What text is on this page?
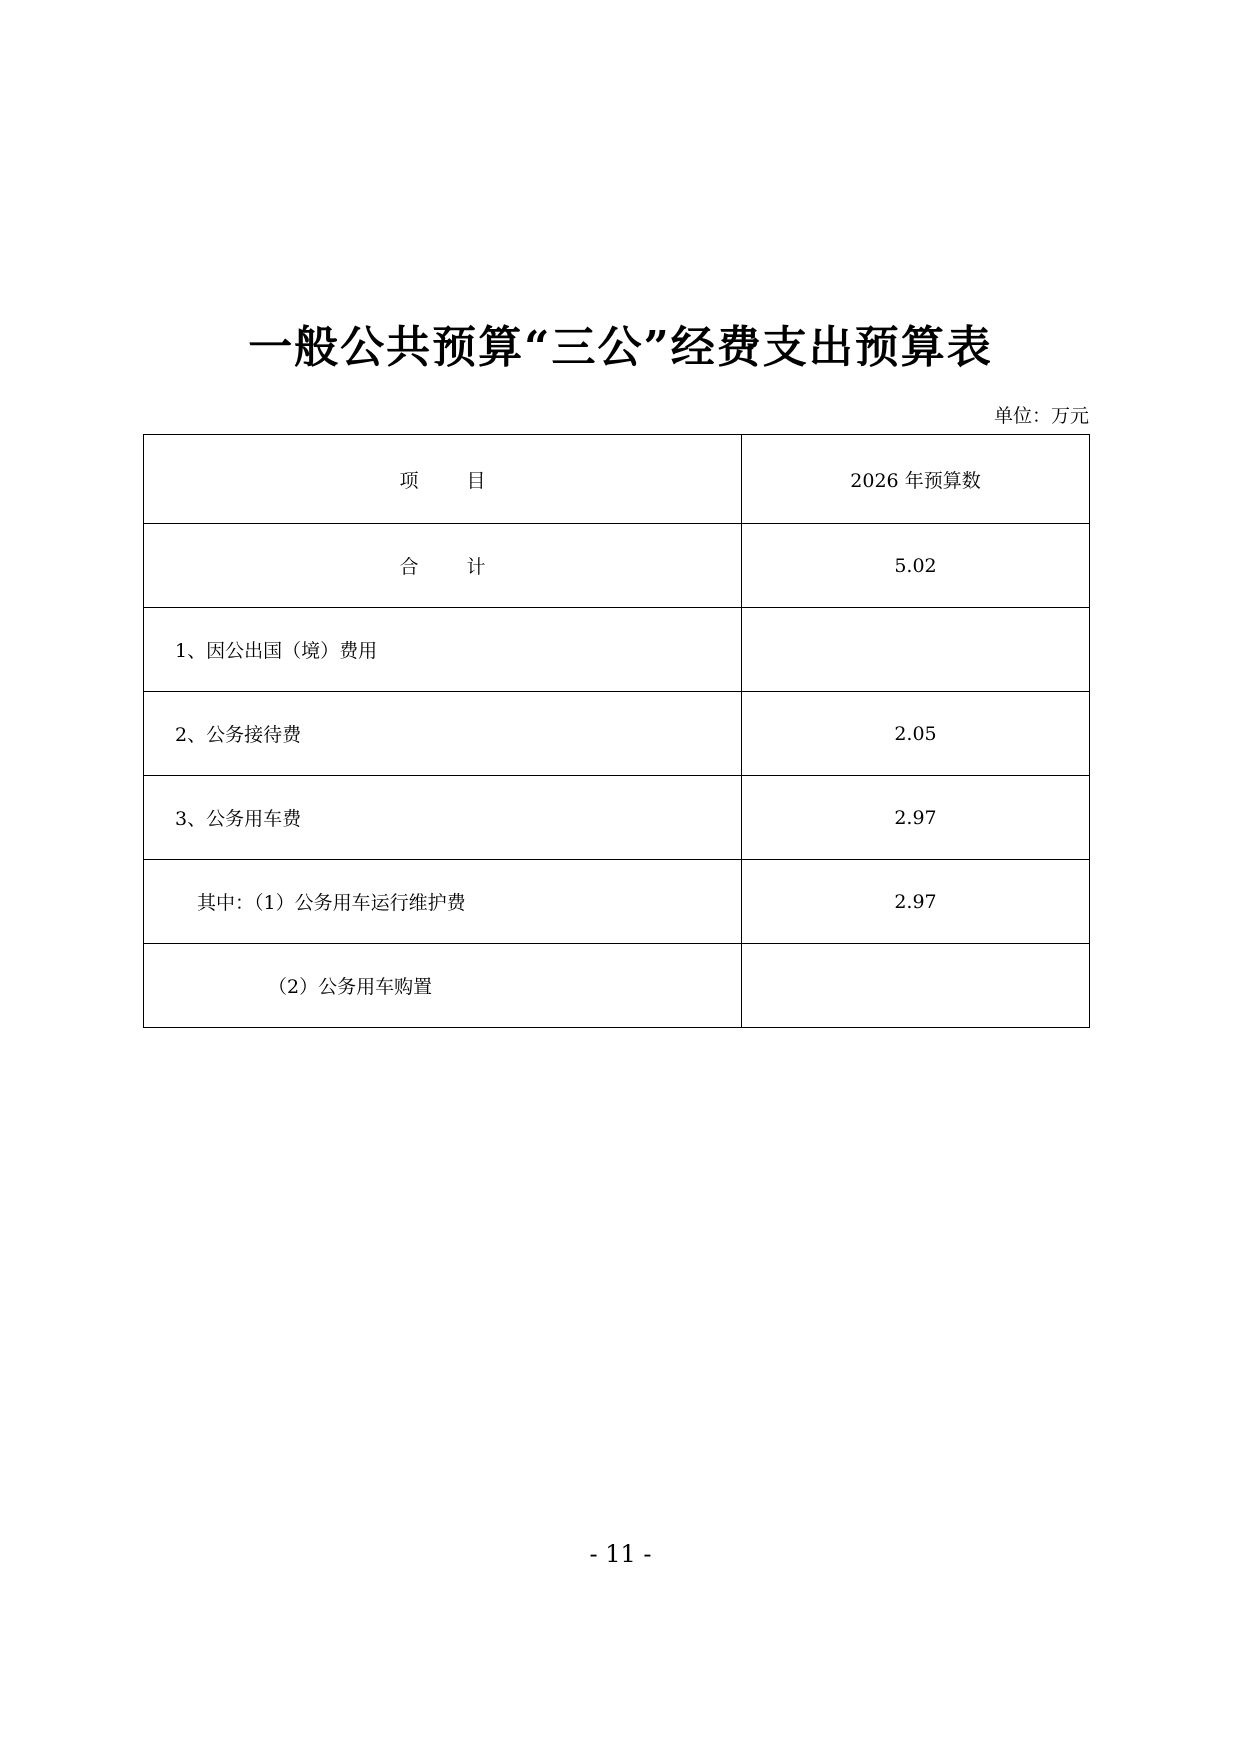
一般公共预算“三公”经费支出预算表
单位：万元
项 目	2026 年预算数
合 计	5.02
1、因公出国（境）费用	
2、公务接待费	2.05
3、公务用车费	2.97
其中：（1）公务用车运行维护费	2.97
（2）公务用车购置	
- 11 -
